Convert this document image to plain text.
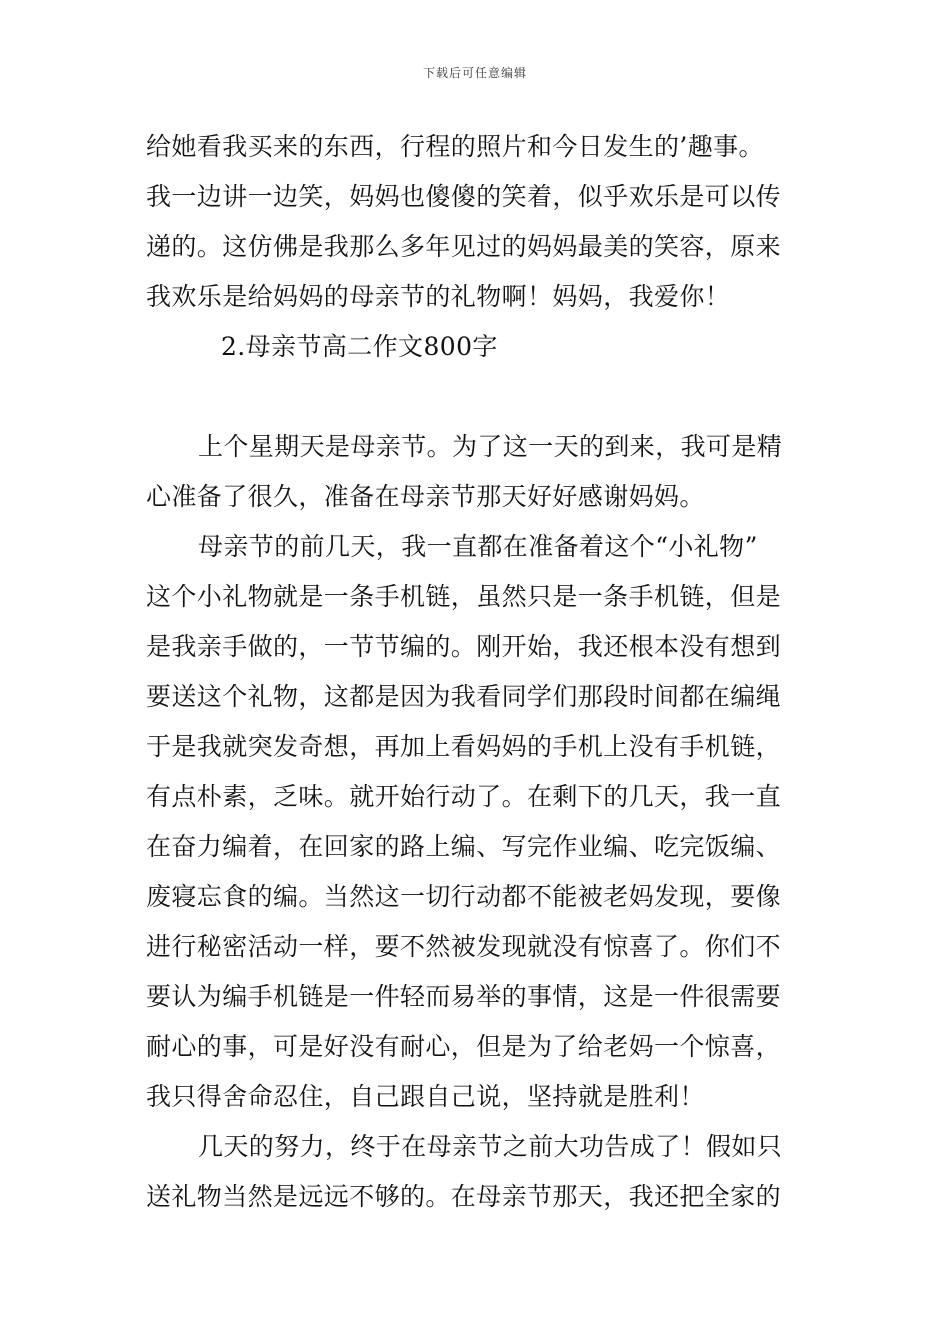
下载后可任意编辑
给她看我买来的东西，行程的照片和今日发生的’趣事。
我一边讲一边笑，妈妈也傻傻的笑着，似乎欢乐是可以传
递的。这仿佛是我那么多年见过的妈妈最美的笑容，原来
我欢乐是给妈妈的母亲节的礼物啊！妈妈，我爱你！
2.母亲节高二作文800字
上个星期天是母亲节。为了这一天的到来，我可是精
心准备了很久，准备在母亲节那天好好感谢妈妈。
母亲节的前几天，我一直都在准备着这个“小礼物”
这个小礼物就是一条手机链，虽然只是一条手机链，但是
是我亲手做的，一节节编的。刚开始，我还根本没有想到
要送这个礼物，这都是因为我看同学们那段时间都在编绳
于是我就突发奇想，再加上看妈妈的手机上没有手机链，
有点朴素，乏味。就开始行动了。在剩下的几天，我一直
在奋力编着，在回家的路上编、写完作业编、吃完饭编、
废寝忘食的编。当然这一切行动都不能被老妈发现，要像
进行秘密活动一样，要不然被发现就没有惊喜了。你们不
要认为编手机链是一件轻而易举的事情，这是一件很需要
耐心的事，可是好没有耐心，但是为了给老妈一个惊喜，
我只得舍命忍住，自己跟自己说，坚持就是胜利！
几天的努力，终于在母亲节之前大功告成了！假如只
送礼物当然是远远不够的。在母亲节那天，我还把全家的
